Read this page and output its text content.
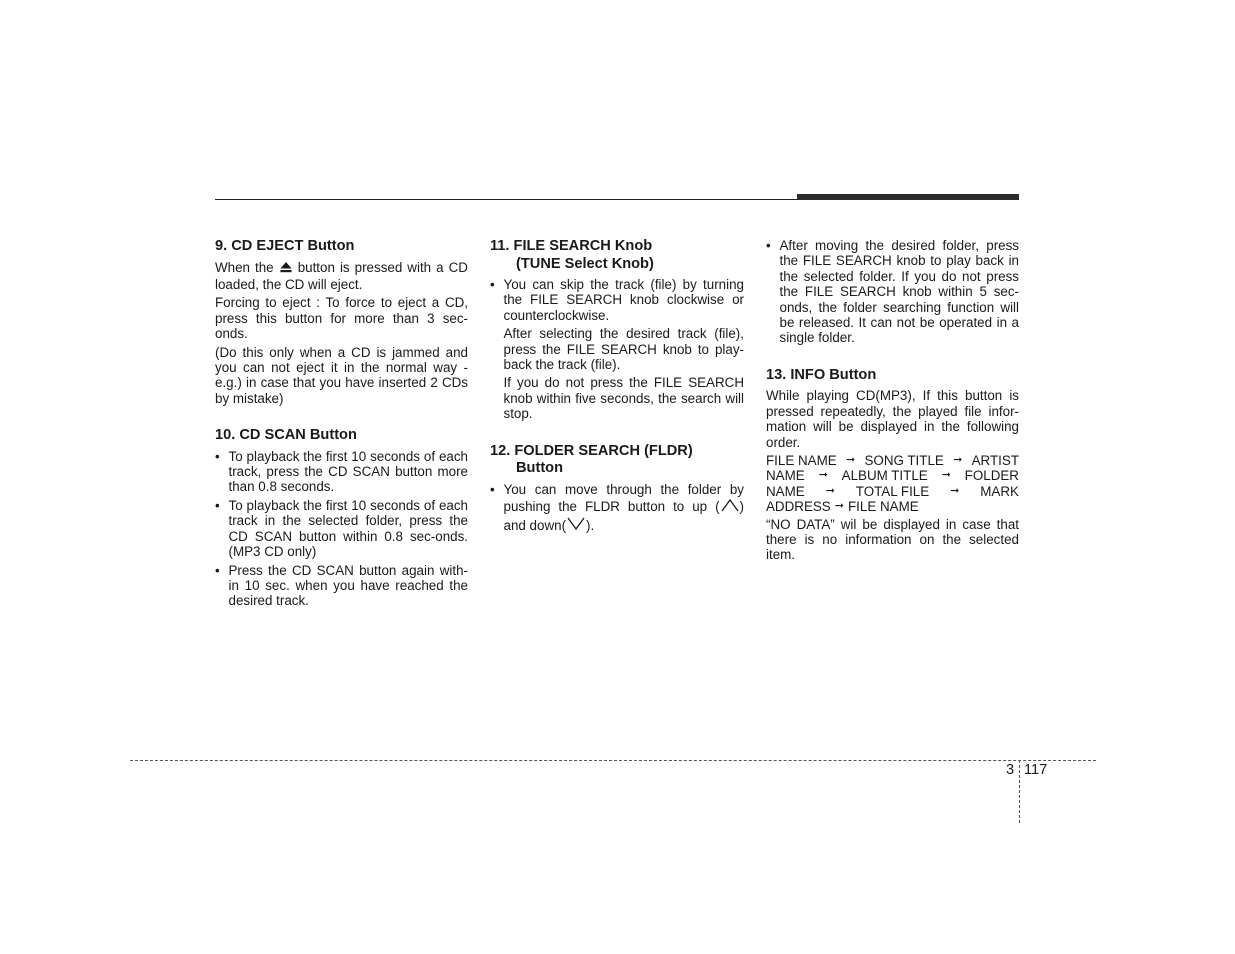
9. CD EJECT Button

When the button is pressed with a CD loaded, the CD will eject.

Forcing to eject : To force to eject a CD, press this button for more than 3 sec-onds.

(Do this only when a CD is jammed and you can not eject it in the normal way - e.g.) in case that you have inserted 2 CDs by mistake)

10. CD SCAN Button
• To playback the first 10 seconds of each track, press the CD SCAN button more than 0.8 seconds.
• To playback the first 10 seconds of each track in the selected folder, press the CD SCAN button within 0.8 sec-onds. (MP3 CD only)
• Press the CD SCAN button again with-in 10 sec. when you have reached the desired track.
11. FILE SEARCH Knob
(TUNE Select Knob)
• You can skip the track (file) by turning the FILE SEARCH knob clockwise or counterclockwise.

After selecting the desired track (file), press the FILE SEARCH knob to play-back the track (file).

If you do not press the FILE SEARCH knob within five seconds, the search will stop.

12. FOLDER SEARCH (FLDR)
Button
• You can move through the folder by pushing the FLDR button to up ( ) and down( ).
• After moving the desired folder, press the FILE SEARCH knob to play back in the selected folder. If you do not press the FILE SEARCH knob within 5 sec-onds, the folder searching function will be released. It can not be operated in a single folder.
13. INFO Button

While playing CD(MP3), If this button is pressed repeatedly, the played file infor-mation will be displayed in the following order.

FILE NAME ➞ SONG TITLE ➞ ARTIST
NAME ➞ ALBUM TITLE ➞ FOLDER
NAME ➞ TOTAL FILE ➞ MARK
ADDRESS ➞ FILE NAME

“NO DATA” wil be displayed in case that there is no information on the selected item.

3 117
